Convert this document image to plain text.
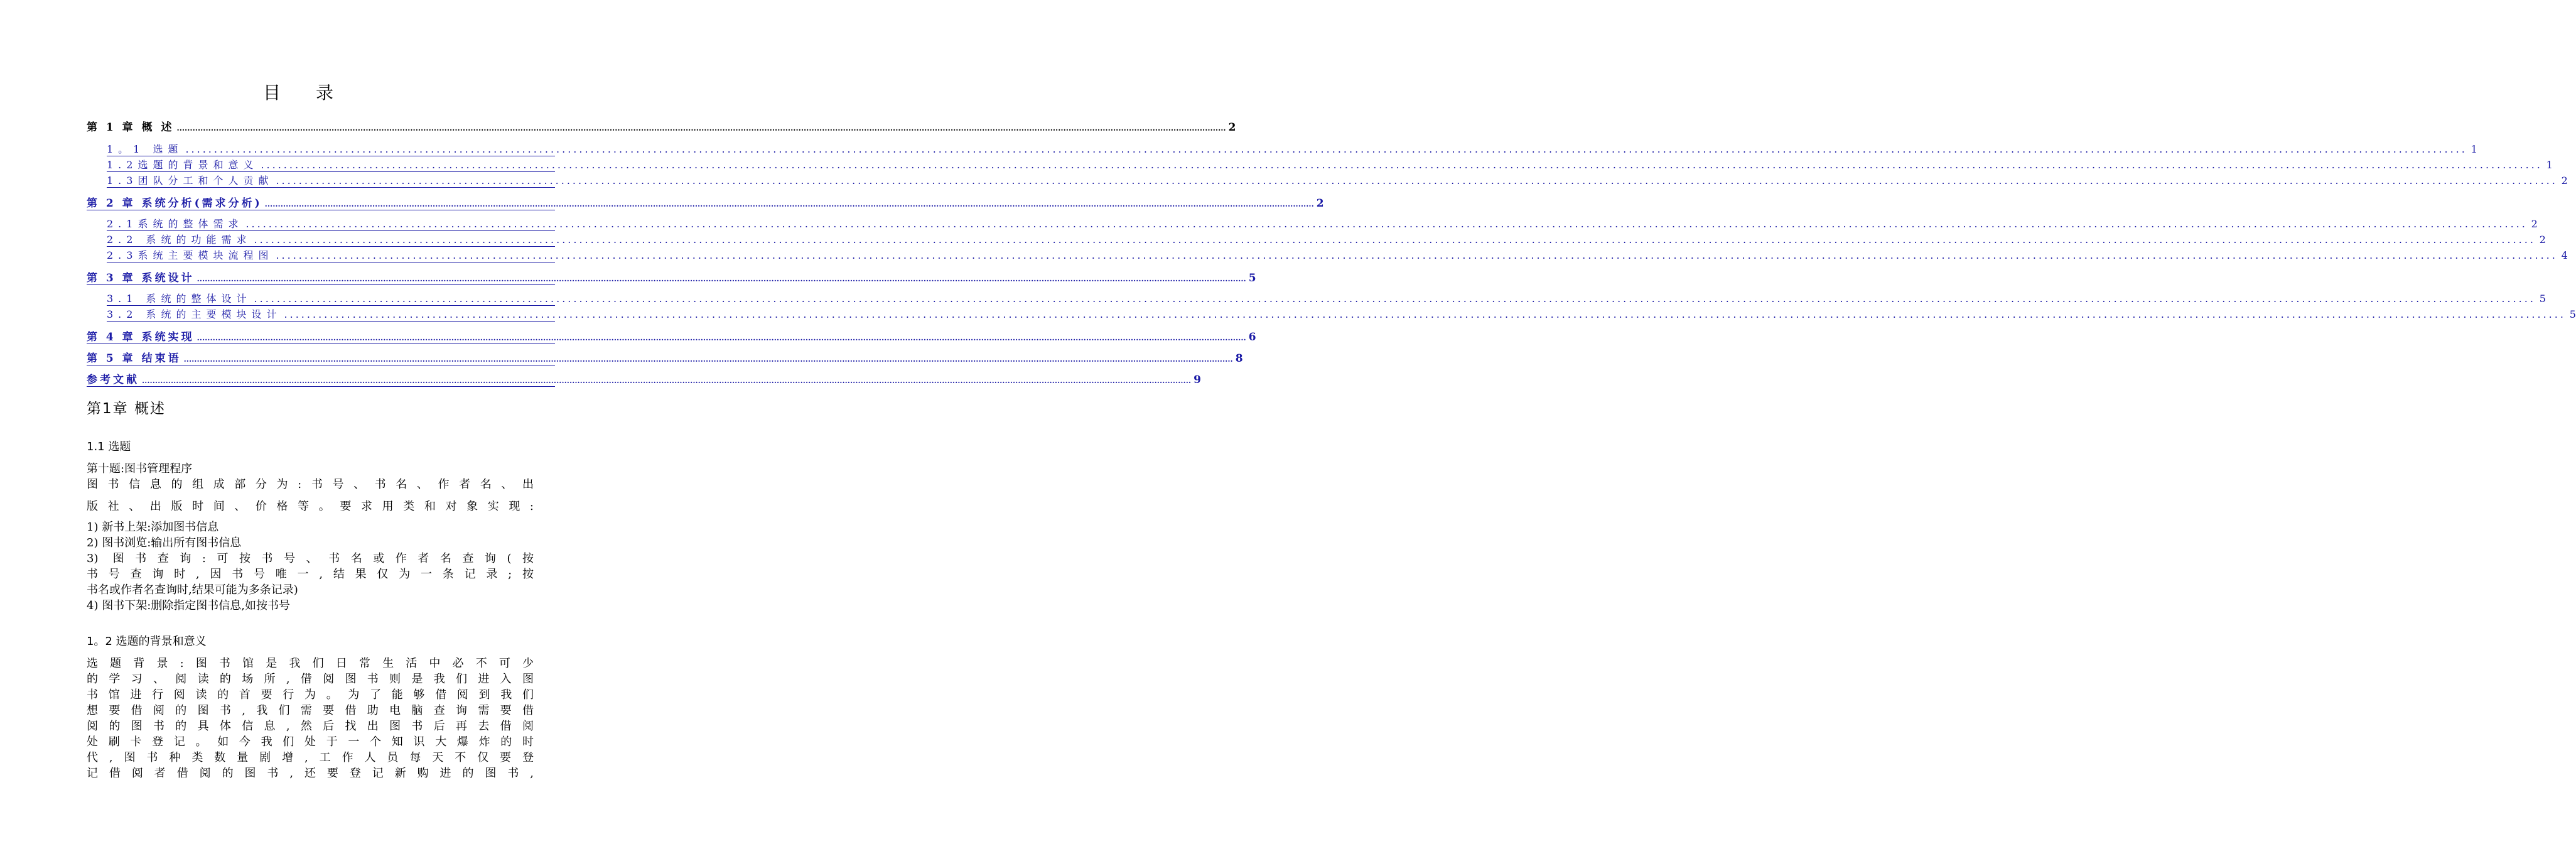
目录
第 1 章 概 述 ................................................................................................................................................................................................................................................................................................................................................................................................................ 2
1。1 选题 ................................................................................................................................................................................................................................................................................................................................................................................................................ 1
1.2选题的背景和意义 ................................................................................................................................................................................................................................................................................................................................................................................................................ 1
1.3团队分工和个人贡献 ................................................................................................................................................................................................................................................................................................................................................................................................................ 2
第 2 章 系统分析(需求分析) ................................................................................................................................................................................................................................................................................................................................................................................................................ 2
2.1系统的整体需求 ................................................................................................................................................................................................................................................................................................................................................................................................................ 2
2.2 系统的功能需求 ................................................................................................................................................................................................................................................................................................................................................................................................................ 2
2.3系统主要模块流程图 ................................................................................................................................................................................................................................................................................................................................................................................................................ 4
第 3 章 系统设计 ................................................................................................................................................................................................................................................................................................................................................................................................................ 5
3.1 系统的整体设计 ................................................................................................................................................................................................................................................................................................................................................................................................................ 5
3.2 系统的主要模块设计 ................................................................................................................................................................................................................................................................................................................................................................................................................ 5
第 4 章 系统实现 ................................................................................................................................................................................................................................................................................................................................................................................................................ 6
第 5 章 结束语 ................................................................................................................................................................................................................................................................................................................................................................................................................ 8
参考文献 ................................................................................................................................................................................................................................................................................................................................................................................................................ 9
第1章 概述
1.1 选题
第十题:图书管理程序
图书信息的组成部分为:书号、书名、作者名、出
版社、出版时间、价格等。要求用类和对象实现:
1) 新书上架:添加图书信息
2) 图书浏览:输出所有图书信息
3) 图书查询:可按书号、书名或作者名查询(按
书号查询时,因书号唯一,结果仅为一条记录;按
书名或作者名查询时,结果可能为多条记录)
4) 图书下架:删除指定图书信息,如按书号
1。2 选题的背景和意义
选题背景:图书馆是我们日常生活中必不可少
的学习、阅读的场所,借阅图书则是我们进入图
书馆进行阅读的首要行为。为了能够借阅到我们
想要借阅的图书,我们需要借助电脑查询需要借
阅的图书的具体信息,然后找出图书后再去借阅
处刷卡登记。如今我们处于一个知识大爆炸的时
代,图书种类数量剧增,工作人员每天不仅要登
记借阅者借阅的图书,还要登记新购进的图书,
